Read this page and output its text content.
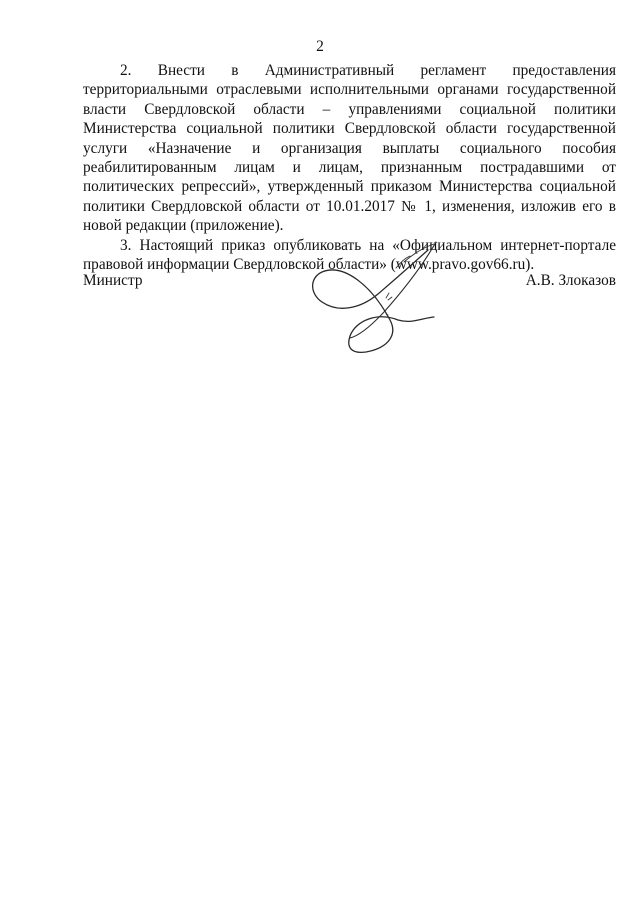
2

2. Внести в Административный регламент предоставления территориальными отраслевыми исполнительными органами государственной власти Свердловской области – управлениями социальной политики Министерства социальной политики Свердловской области государственной услуги «Назначение и организация выплаты социального пособия реабилитированным лицам и лицам, признанным пострадавшими от политических репрессий», утвержденный приказом Министерства социальной политики Свердловской области от 10.01.2017 № 1, изменения, изложив его в новой редакции (приложение).

3. Настоящий приказ опубликовать на «Официальном интернет-портале правовой информации Свердловской области» (www.pravo.gov66.ru).

Министр	А.В. Злоказов
